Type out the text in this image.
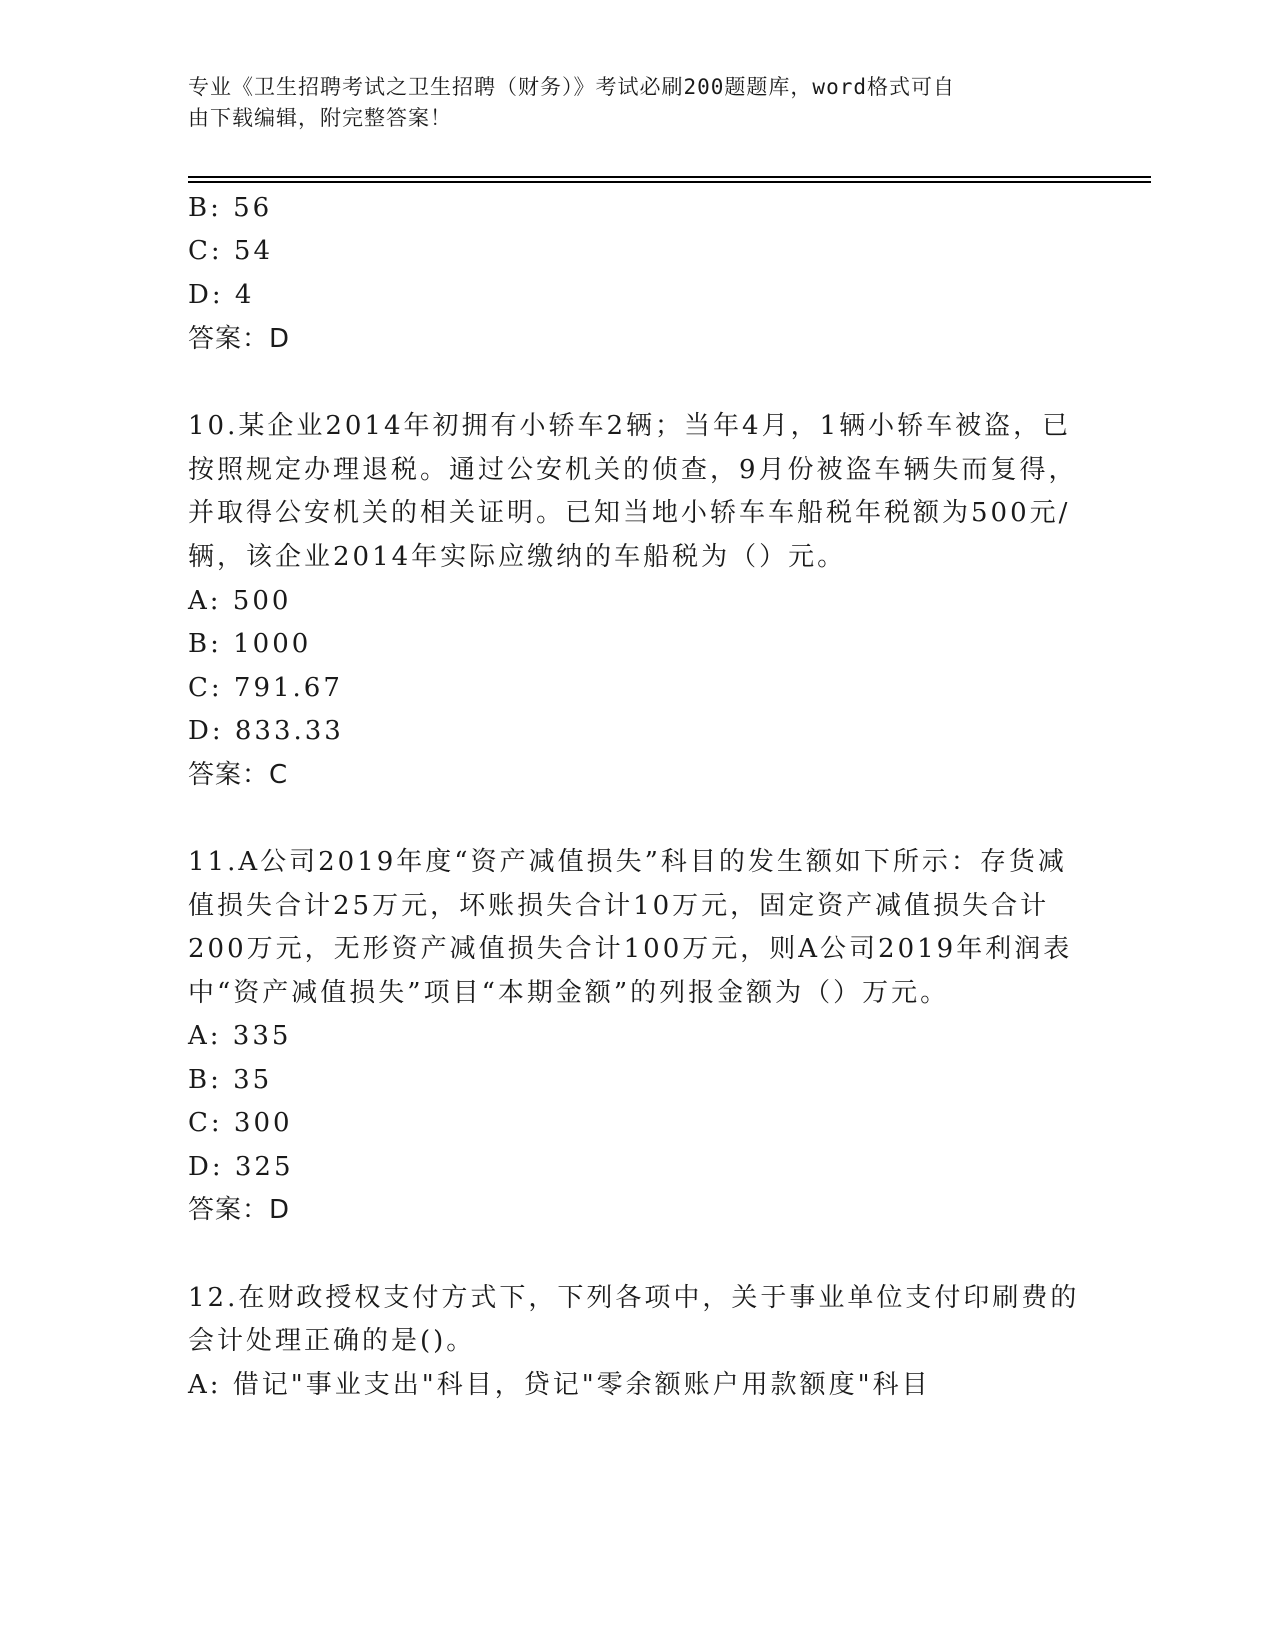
专业《卫生招聘考试之卫生招聘（财务）》考试必刷200题题库，word格式可自
由下载编辑，附完整答案！
B: 56
C: 54
D: 4
答案：D
10.某企业2014年初拥有小轿车2辆；当年4月，1辆小轿车被盗，已
按照规定办理退税。通过公安机关的侦查，9月份被盗车辆失而复得，
并取得公安机关的相关证明。已知当地小轿车车船税年税额为500元/
辆，该企业2014年实际应缴纳的车船税为（）元。
A: 500
B: 1000
C: 791.67
D: 833.33
答案：C
11.A公司2019年度“资产减值损失”科目的发生额如下所示：存货减
值损失合计25万元，坏账损失合计10万元，固定资产减值损失合计
200万元，无形资产减值损失合计100万元，则A公司2019年利润表
中“资产减值损失”项目“本期金额”的列报金额为（）万元。
A: 335
B: 35
C: 300
D: 325
答案：D
12.在财政授权支付方式下，下列各项中，关于事业单位支付印刷费的
会计处理正确的是()。
A: 借记"事业支出"科目，贷记"零余额账户用款额度"科目
